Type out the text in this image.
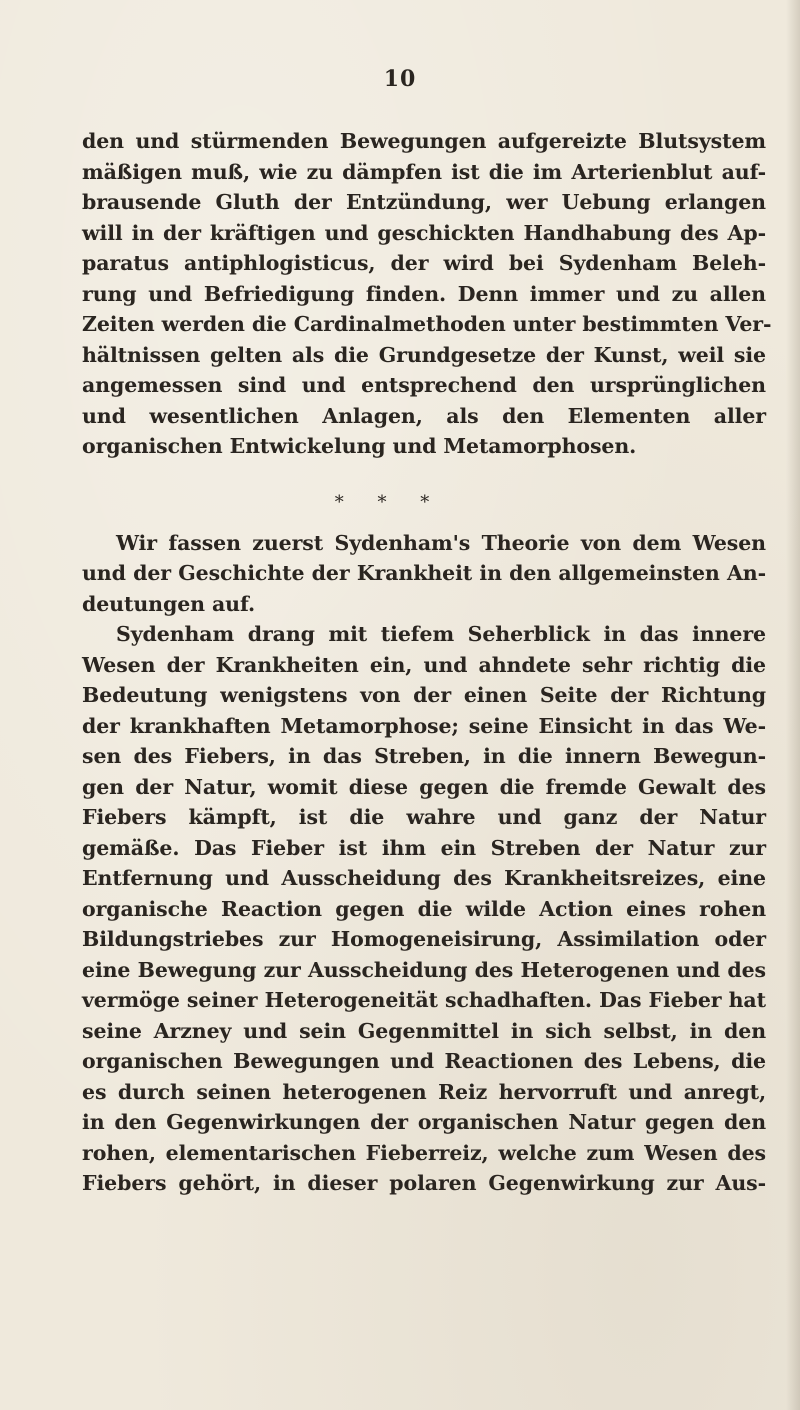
10
den und stürmenden Bewegungen aufgereizte Blutsystem
mäßigen muß, wie zu dämpfen ist die im Arterienblut auf-
brausende Gluth der Entzündung, wer Uebung erlangen
will in der kräftigen und geschickten Handhabung des Ap-
paratus antiphlogisticus, der wird bei Sydenham Beleh-
rung und Befriedigung finden. Denn immer und zu allen
Zeiten werden die Cardinalmethoden unter bestimmten Ver-
hältnissen gelten als die Grundgesetze der Kunst, weil sie
angemessen sind und entsprechend den ursprünglichen
und wesentlichen Anlagen, als den Elementen aller
organischen Entwickelung und Metamorphosen.
* * *
Wir fassen zuerst Sydenham's Theorie von dem Wesen
und der Geschichte der Krankheit in den allgemeinsten An-
deutungen auf.
Sydenham drang mit tiefem Seherblick in das innere
Wesen der Krankheiten ein, und ahndete sehr richtig die
Bedeutung wenigstens von der einen Seite der Richtung
der krankhaften Metamorphose; seine Einsicht in das We-
sen des Fiebers, in das Streben, in die innern Bewegun-
gen der Natur, womit diese gegen die fremde Gewalt des
Fiebers kämpft, ist die wahre und ganz der Natur
gemäße. Das Fieber ist ihm ein Streben der Natur zur
Entfernung und Ausscheidung des Krankheitsreizes, eine
organische Reaction gegen die wilde Action eines rohen
Bildungstriebes zur Homogeneisirung, Assimilation oder
eine Bewegung zur Ausscheidung des Heterogenen und des
vermöge seiner Heterogeneität schadhaften. Das Fieber hat
seine Arzney und sein Gegenmittel in sich selbst, in den
organischen Bewegungen und Reactionen des Lebens, die
es durch seinen heterogenen Reiz hervorruft und anregt,
in den Gegenwirkungen der organischen Natur gegen den
rohen, elementarischen Fieberreiz, welche zum Wesen des
Fiebers gehört, in dieser polaren Gegenwirkung zur Aus-
